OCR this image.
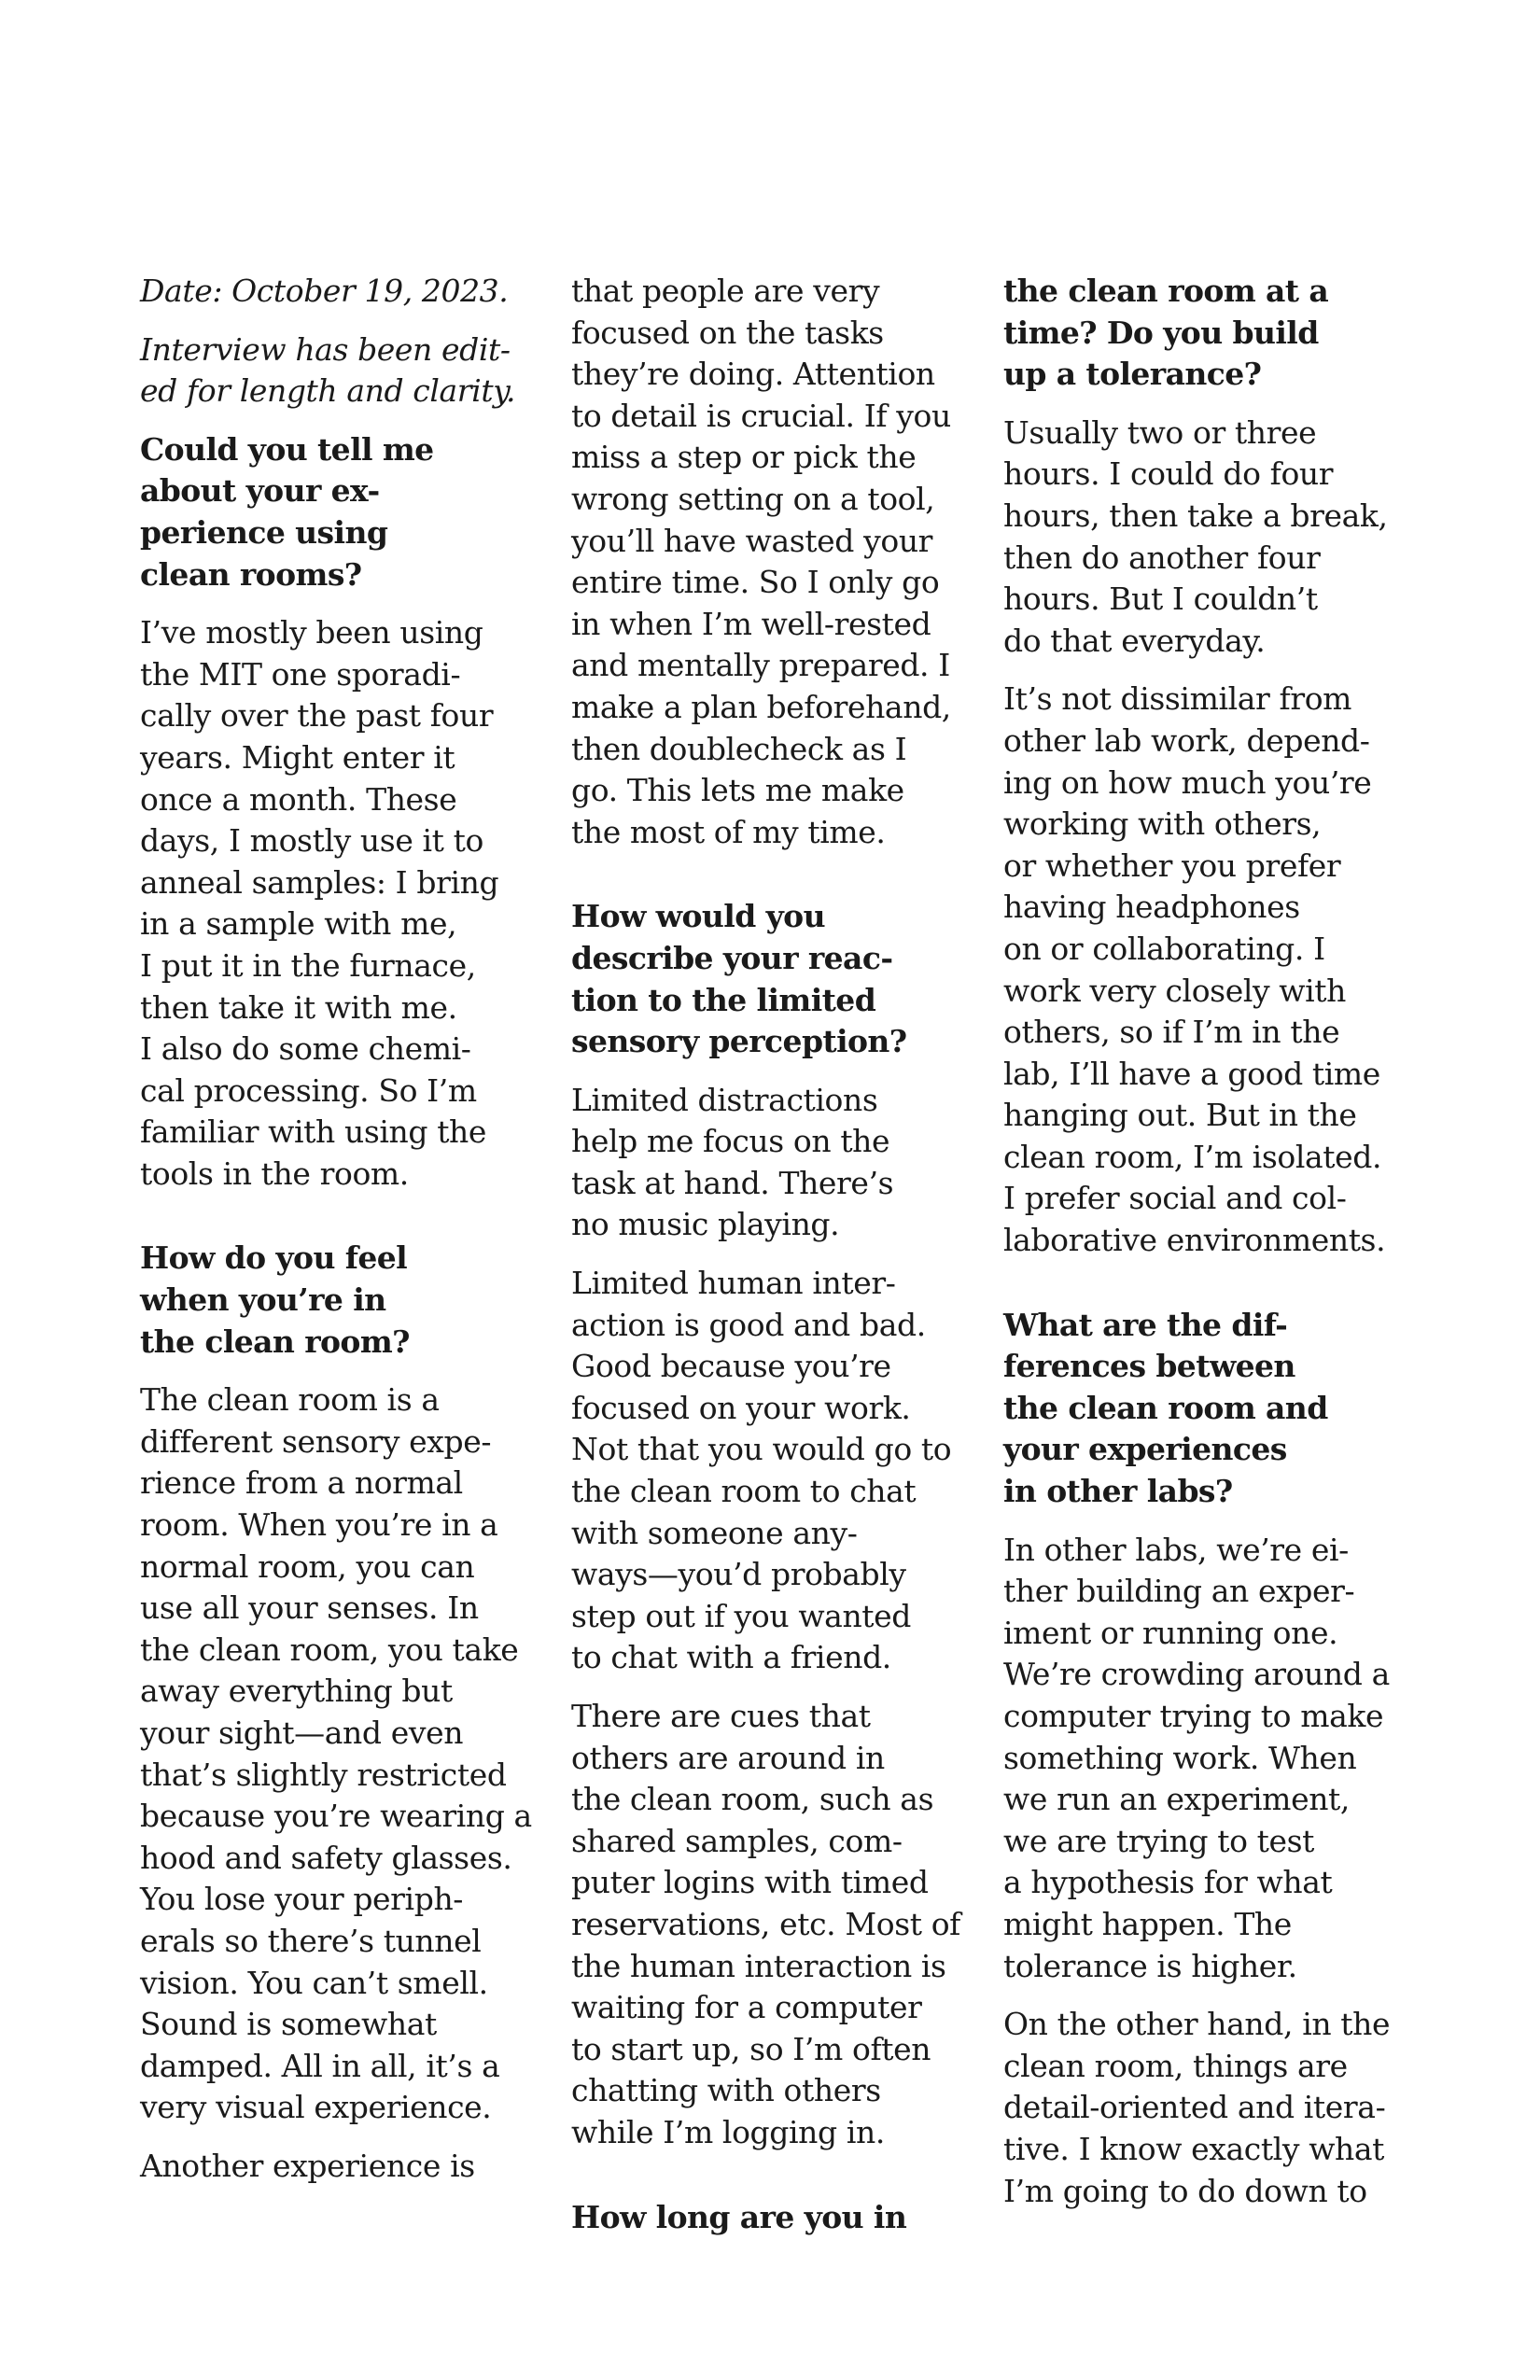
Date: October 19, 2023.
Interview has been edit-
ed for length and clarity.
Could you tell me
about your ex-
perience using
clean rooms?
I’ve mostly been using
the MIT one sporadi-
cally over the past four
years. Might enter it
once a month. These
days, I mostly use it to
anneal samples: I bring
in a sample with me,
I put it in the furnace,
then take it with me.
I also do some chemi-
cal processing. So I’m
familiar with using the
tools in the room.
How do you feel
when you’re in
the clean room?
The clean room is a
different sensory expe-
rience from a normal
room. When you’re in a
normal room, you can
use all your senses. In
the clean room, you take
away everything but
your sight—and even
that’s slightly restricted
because you’re wearing a
hood and safety glasses.
You lose your periph-
erals so there’s tunnel
vision. You can’t smell.
Sound is somewhat
damped. All in all, it’s a
very visual experience.
Another experience is
that people are very
focused on the tasks
they’re doing. Attention
to detail is crucial. If you
miss a step or pick the
wrong setting on a tool,
you’ll have wasted your
entire time. So I only go
in when I’m well-rested
and mentally prepared. I
make a plan beforehand,
then doublecheck as I
go. This lets me make
the most of my time.
How would you
describe your reac-
tion to the limited
sensory perception?
Limited distractions
help me focus on the
task at hand. There’s
no music playing.
Limited human inter-
action is good and bad.
Good because you’re
focused on your work.
Not that you would go to
the clean room to chat
with someone any-
ways—you’d probably
step out if you wanted
to chat with a friend.
There are cues that
others are around in
the clean room, such as
shared samples, com-
puter logins with timed
reservations, etc. Most of
the human interaction is
waiting for a computer
to start up, so I’m often
chatting with others
while I’m logging in.
How long are you in
the clean room at a
time? Do you build
up a tolerance?
Usually two or three
hours. I could do four
hours, then take a break,
then do another four
hours. But I couldn’t
do that everyday.
It’s not dissimilar from
other lab work, depend-
ing on how much you’re
working with others,
or whether you prefer
having headphones
on or collaborating. I
work very closely with
others, so if I’m in the
lab, I’ll have a good time
hanging out. But in the
clean room, I’m isolated.
I prefer social and col-
laborative environments.
What are the dif-
ferences between
the clean room and
your experiences
in other labs?
In other labs, we’re ei-
ther building an exper-
iment or running one.
We’re crowding around a
computer trying to make
something work. When
we run an experiment,
we are trying to test
a hypothesis for what
might happen. The
tolerance is higher.
On the other hand, in the
clean room, things are
detail-oriented and itera-
tive. I know exactly what
I’m going to do down to
